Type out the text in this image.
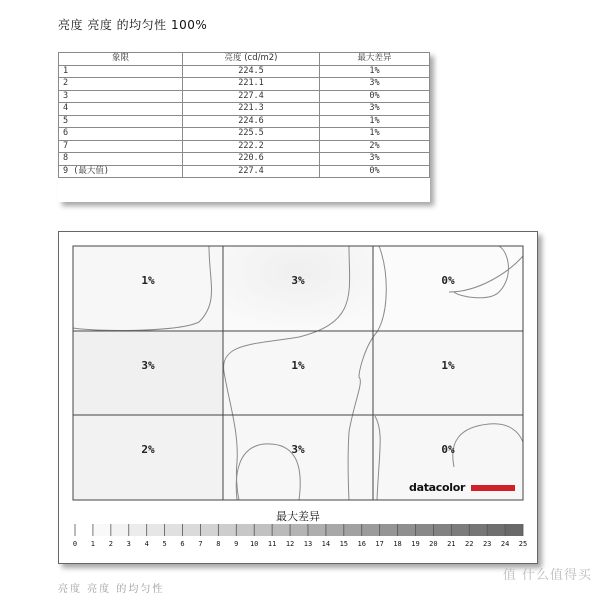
亮度 亮度 的均匀性 100%
象限	亮度 (cd/m2)	最大差异
1	224.5	1%
2	221.1	3%
3	227.4	0%
4	221.3	3%
5	224.6	1%
6	225.5	1%
7	222.2	2%
8	220.6	3%
9 (最大值)	227.4	0%
1%	3%	0%
3%	1%	1%
2%	3%	0%
datacolor
最大差异
0 1 2 3 4 5 6 7 8 9 10 11 12 13 14 15 16 17 18 19 20 21 22 23 24 25
值 什么值得买
亮度 亮度 的均匀性
